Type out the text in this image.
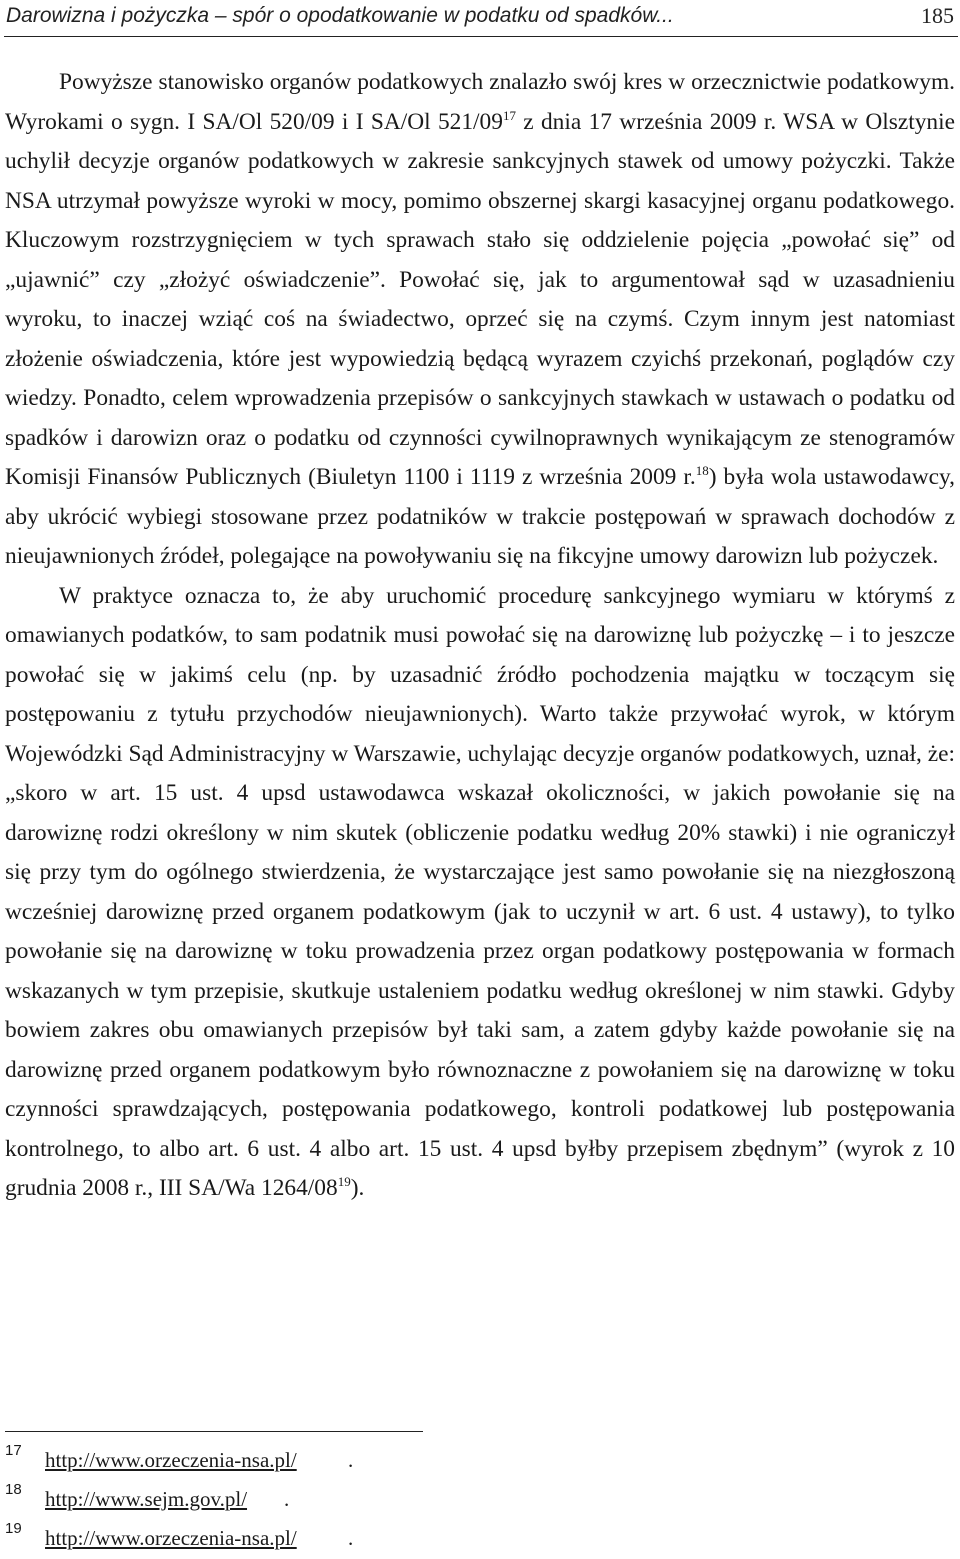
Darowizna i pożyczka – spór o opodatkowanie w podatku od spadków...	185

Powyższe stanowisko organów podatkowych znalazło swój kres w orzecznictwie podatkowym. Wyrokami o sygn. I SA/Ol 520/09 i I SA/Ol $521/09^{17}$ z dnia 17 września 2009 r. WSA w Olsztynie uchylił decyzje organów podatkowych w zakresie sankcyjnych stawek od umowy pożyczki. Także NSA utrzymał powyższe wyroki w mocy, pomimo obszernej skargi kasacyjnej organu podatkowego. Kluczowym rozstrzygnięciem w tych sprawach stało się oddzielenie pojęcia „powołać się” od „ujawnić” czy „złożyć oświadczenie”. Powołać się, jak to argumentował sąd w uzasadnieniu wyroku, to inaczej wziąć coś na świadectwo, oprzeć się na czymś. Czym innym jest natomiast złożenie oświadczenia, które jest wypowiedzią będącą wyrazem czyichś przekonań, poglądów czy wiedzy. Ponadto, celem wprowadzenia przepisów o sankcyjnych stawkach w ustawach o podatku od spadków i darowizn oraz o podatku od czynności cywilnoprawnych wynikającym ze stenogramów Komisji Finansów Publicznych (Biuletyn 1100 i 1119 z września 2009 r.$^{18}$) była wola ustawodawcy, aby ukrócić wybiegi stosowane przez podatników w trakcie postępowań w sprawach dochodów z nieujawnionych źródeł, polegające na powoływaniu się na fikcyjne umowy darowizn lub pożyczek.

W praktyce oznacza to, że aby uruchomić procedurę sankcyjnego wymiaru w którymś z omawianych podatków, to sam podatnik musi powołać się na darowiznę lub pożyczkę – i to jeszcze powołać się w jakimś celu (np. by uzasadnić źródło pochodzenia majątku w toczącym się postępowaniu z tytułu przychodów nieujawnionych). Warto także przywołać wyrok, w którym Wojewódzki Sąd Administracyjny w Warszawie, uchylając decyzje organów podatkowych, uznał, że: „skoro w art. 15 ust. 4 upsd ustawodawca wskazał okoliczności, w jakich powołanie się na darowiznę rodzi określony w nim skutek (obliczenie podatku według 20% stawki) i nie ograniczył się przy tym do ogólnego stwierdzenia, że wystarczające jest samo powołanie się na niezgłoszoną wcześniej darowiznę przed organem podatkowym (jak to uczynił w art. 6 ust. 4 ustawy), to tylko powołanie się na darowiznę w toku prowadzenia przez organ podatkowy postępowania w formach wskazanych w tym przepisie, skutkuje ustaleniem podatku według określonej w nim stawki. Gdyby bowiem zakres obu omawianych przepisów był taki sam, a zatem gdyby każde powołanie się na darowiznę przed organem podatkowym było równoznaczne z powołaniem się na darowiznę w toku czynności sprawdzających, postępowania podatkowego, kontroli podatkowej lub postępowania kontrolnego, to albo art. 6 ust. 4 albo art. 15 ust. 4 upsd byłby przepisem zbędnym” (wyrok z 10 grudnia 2008 r., III SA/Wa $1264/08^{19}$).

17 http://www.orzeczenia-nsa.pl/ .
18 http://www.sejm.gov.pl/ .
19 http://www.orzeczenia-nsa.pl/ .
